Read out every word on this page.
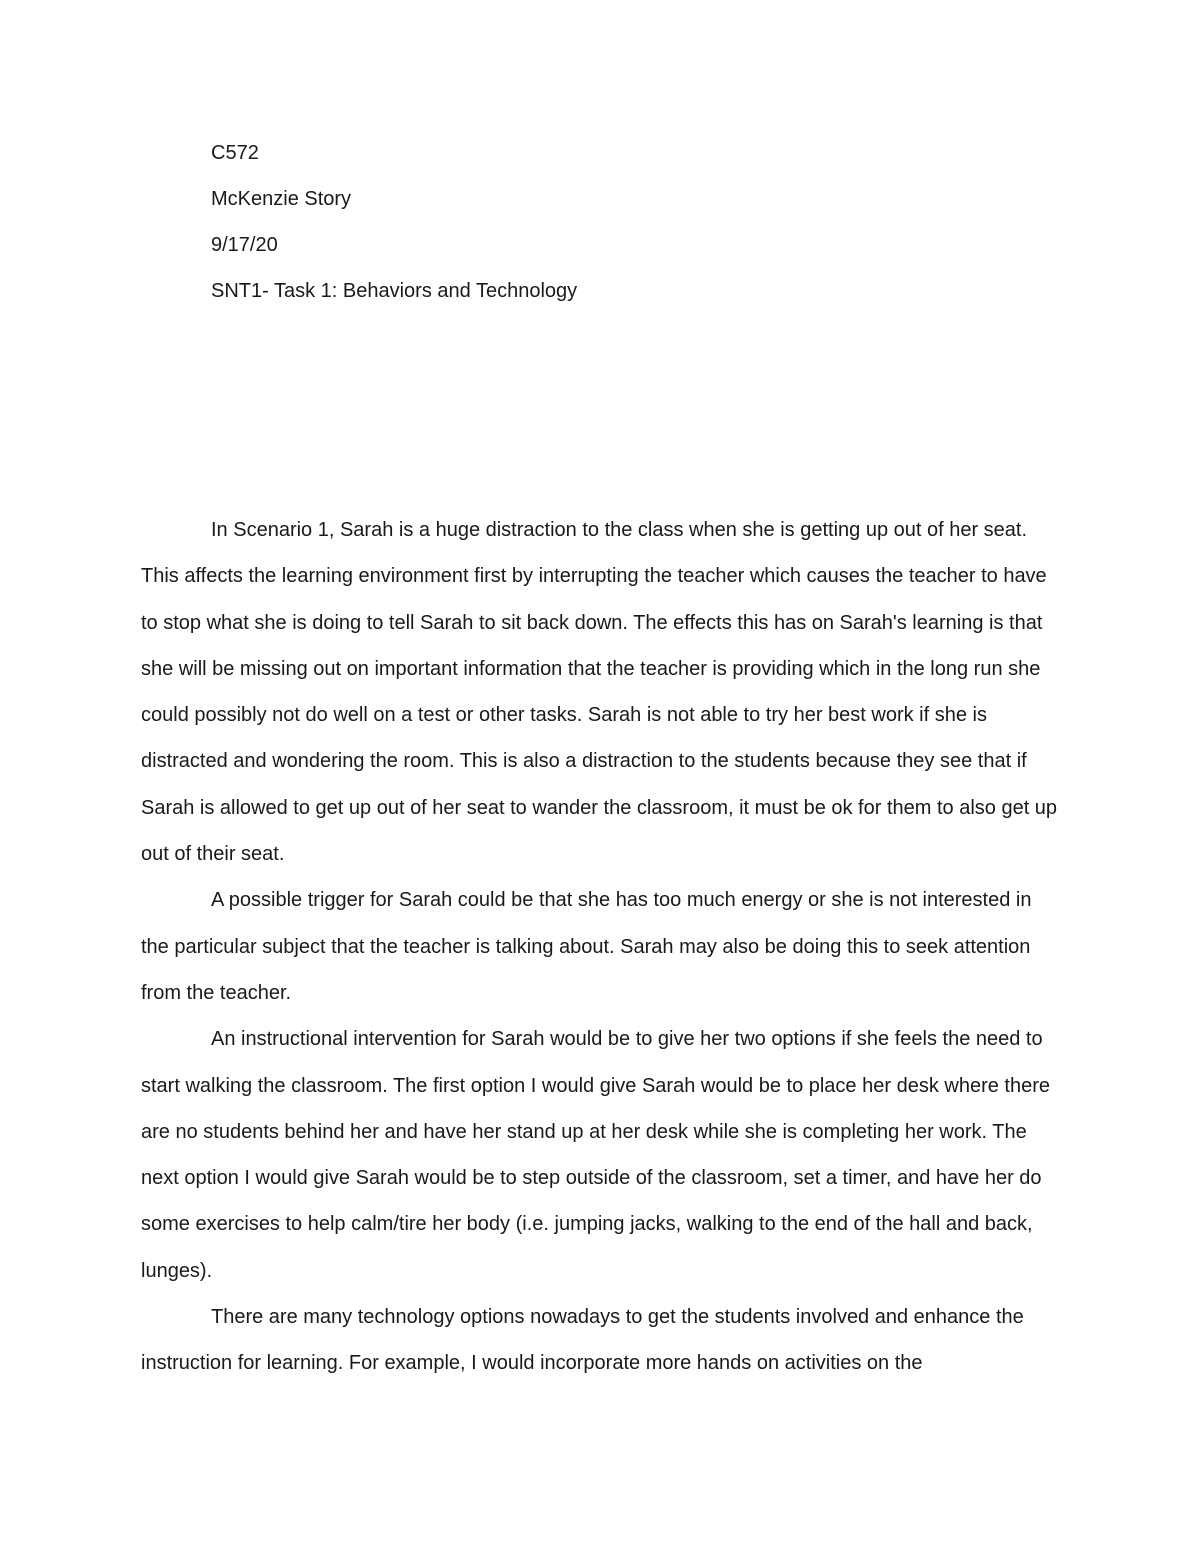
C572
McKenzie Story
9/17/20
SNT1- Task 1: Behaviors and Technology

In Scenario 1, Sarah is a huge distraction to the class when she is getting up out of her seat. This affects the learning environment first by interrupting the teacher which causes the teacher to have to stop what she is doing to tell Sarah to sit back down. The effects this has on Sarah's learning is that she will be missing out on important information that the teacher is providing which in the long run she could possibly not do well on a test or other tasks. Sarah is not able to try her best work if she is distracted and wondering the room. This is also a distraction to the students because they see that if Sarah is allowed to get up out of her seat to wander the classroom, it must be ok for them to also get up out of their seat.

A possible trigger for Sarah could be that she has too much energy or she is not interested in the particular subject that the teacher is talking about. Sarah may also be doing this to seek attention from the teacher.

An instructional intervention for Sarah would be to give her two options if she feels the need to start walking the classroom. The first option I would give Sarah would be to place her desk where there are no students behind her and have her stand up at her desk while she is completing her work. The next option I would give Sarah would be to step outside of the classroom, set a timer, and have her do some exercises to help calm/tire her body (i.e. jumping jacks, walking to the end of the hall and back, lunges).

There are many technology options nowadays to get the students involved and enhance the instruction for learning. For example, I would incorporate more hands on activities on the
